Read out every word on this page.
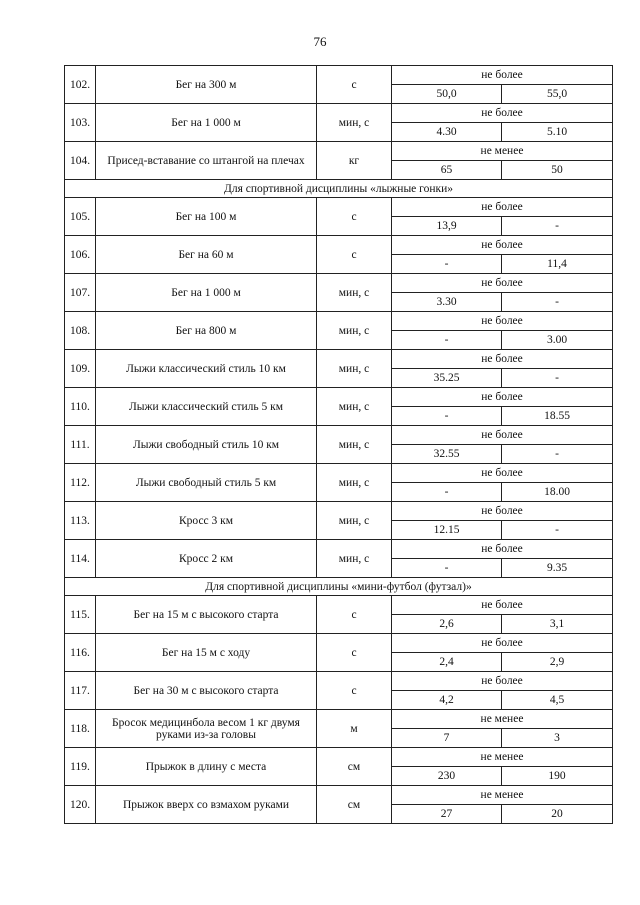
76
102.	Бег на 300 м	с	не более	
			50,0	55,0
103.	Бег на 1 000 м	мин, с	не более	
			4.30	5.10
104.	Присед-вставание со штангой на плечах	кг	не менее	
			65	50
Для спортивной дисциплины «лыжные гонки»				
105.	Бег на 100 м	с	не более	
			13,9	-
106.	Бег на 60 м	с	не более	
			-	11,4
107.	Бег на 1 000 м	мин, с	не более	
			3.30	-
108.	Бег на 800 м	мин, с	не более	
			-	3.00
109.	Лыжи классический стиль 10 км	мин, с	не более	
			35.25	-
110.	Лыжи классический стиль 5 км	мин, с	не более	
			-	18.55
111.	Лыжи свободный стиль 10 км	мин, с	не более	
			32.55	-
112.	Лыжи свободный стиль 5 км	мин, с	не более	
			-	18.00
113.	Кросс 3 км	мин, с	не более	
			12.15	-
114.	Кросс 2 км	мин, с	не более	
			-	9.35
Для спортивной дисциплины «мини-футбол (футзал)»				
115.	Бег на 15 м с высокого старта	с	не более	
			2,6	3,1
116.	Бег на 15 м с ходу	с	не более	
			2,4	2,9
117.	Бег на 30 м с высокого старта	с	не более	
			4,2	4,5
118.	Бросок медицинбола весом 1 кг двумя руками из-за головы	м	не менее	
			7	3
119.	Прыжок в длину с места	см	не менее	
			230	190
120.	Прыжок вверх со взмахом руками	см	не менее	
			27	20
